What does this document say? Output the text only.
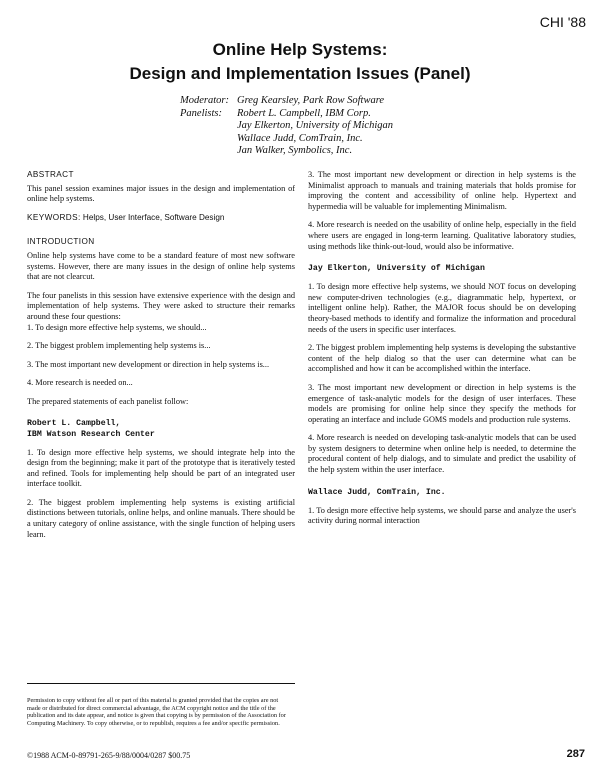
CHI '88
Online Help Systems:
Design and Implementation Issues (Panel)
Moderator: Greg Kearsley, Park Row Software
Panelists:	Robert L. Campbell, IBM Corp.
Jay Elkerton, University of Michigan
Wallace Judd, ComTrain, Inc.
Jan Walker, Symbolics, Inc.
ABSTRACT

This panel session examines major issues in the design and implementation of online help systems.

KEYWORDS: Helps, User Interface, Software Design
INTRODUCTION

Online help systems have come to be a standard feature of most new software systems. However, there are many issues in the design of online help systems that are not clearcut.

The four panelists in this session have extensive experience with the design and implementation of help systems. They were asked to structure their remarks around these four questions:

1. To design more effective help systems, we should...

2. The biggest problem implementing help systems is...

3. The most important new development or direction in help systems is...

4. More research is needed on...

The prepared statements of each panelist follow:

Robert L. Campbell,
IBM Watson Research Center

1. To design more effective help systems, we should integrate help into the design from the beginning; make it part of the prototype that is iteratively tested and refined. Tools for implementing help should be part of an integrated user interface toolkit.

2. The biggest problem implementing help systems is existing artificial distinctions between tutorials, online helps, and online manuals. There should be a unitary category of online assistance, with the single function of helping users learn.

Permission to copy without fee all or part of this material is granted provided that the copies are not made or distributed for direct commercial advantage, the ACM copyright notice and the title of the publication and its date appear, and notice is given that copying is by permission of the Association for Computing Machinery. To copy otherwise, or to republish, requires a fee and/or specific permission.
©1988 ACM-0-89791-265-9/88/0004/0287 $00.75

3. The most important new development or direction in help systems is the Minimalist approach to manuals and training materials that holds promise for improving the content and accessibility of online help. Hypertext and hypermedia will be valuable for implementing Minimalism.

4. More research is needed on the usability of online help, especially in the field where users are engaged in long-term learning. Qualitative laboratory studies, using methods like think-out-loud, would also be informative.

Jay Elkerton, University of Michigan

1. To design more effective help systems, we should NOT focus on developing new computer-driven technologies (e.g., diagrammatic help, hypertext, or intelligent online help). Rather, the MAJOR focus should be on developing theory-based methods to identify and formalize the information and procedural needs of the users in specific user interfaces.

2. The biggest problem implementing help systems is developing the substantive content of the help dialog so that the user can determine what can be accomplished and how it can be accomplished within the interface.

3. The most important new development or direction in help systems is the emergence of task-analytic models for the design of user interfaces. These models are promising for online help since they specify the methods for operating an interface and include GOMS models and production rule systems.

4. More research is needed on developing task-analytic models that can be used by system designers to determine when online help is needed, to determine the procedural content of help dialogs, and to simulate and predict the usability of the help system within the user interface.

Wallace Judd, ComTrain, Inc.

1. To design more effective help systems, we should parse and analyze the user's activity during normal interaction

287
